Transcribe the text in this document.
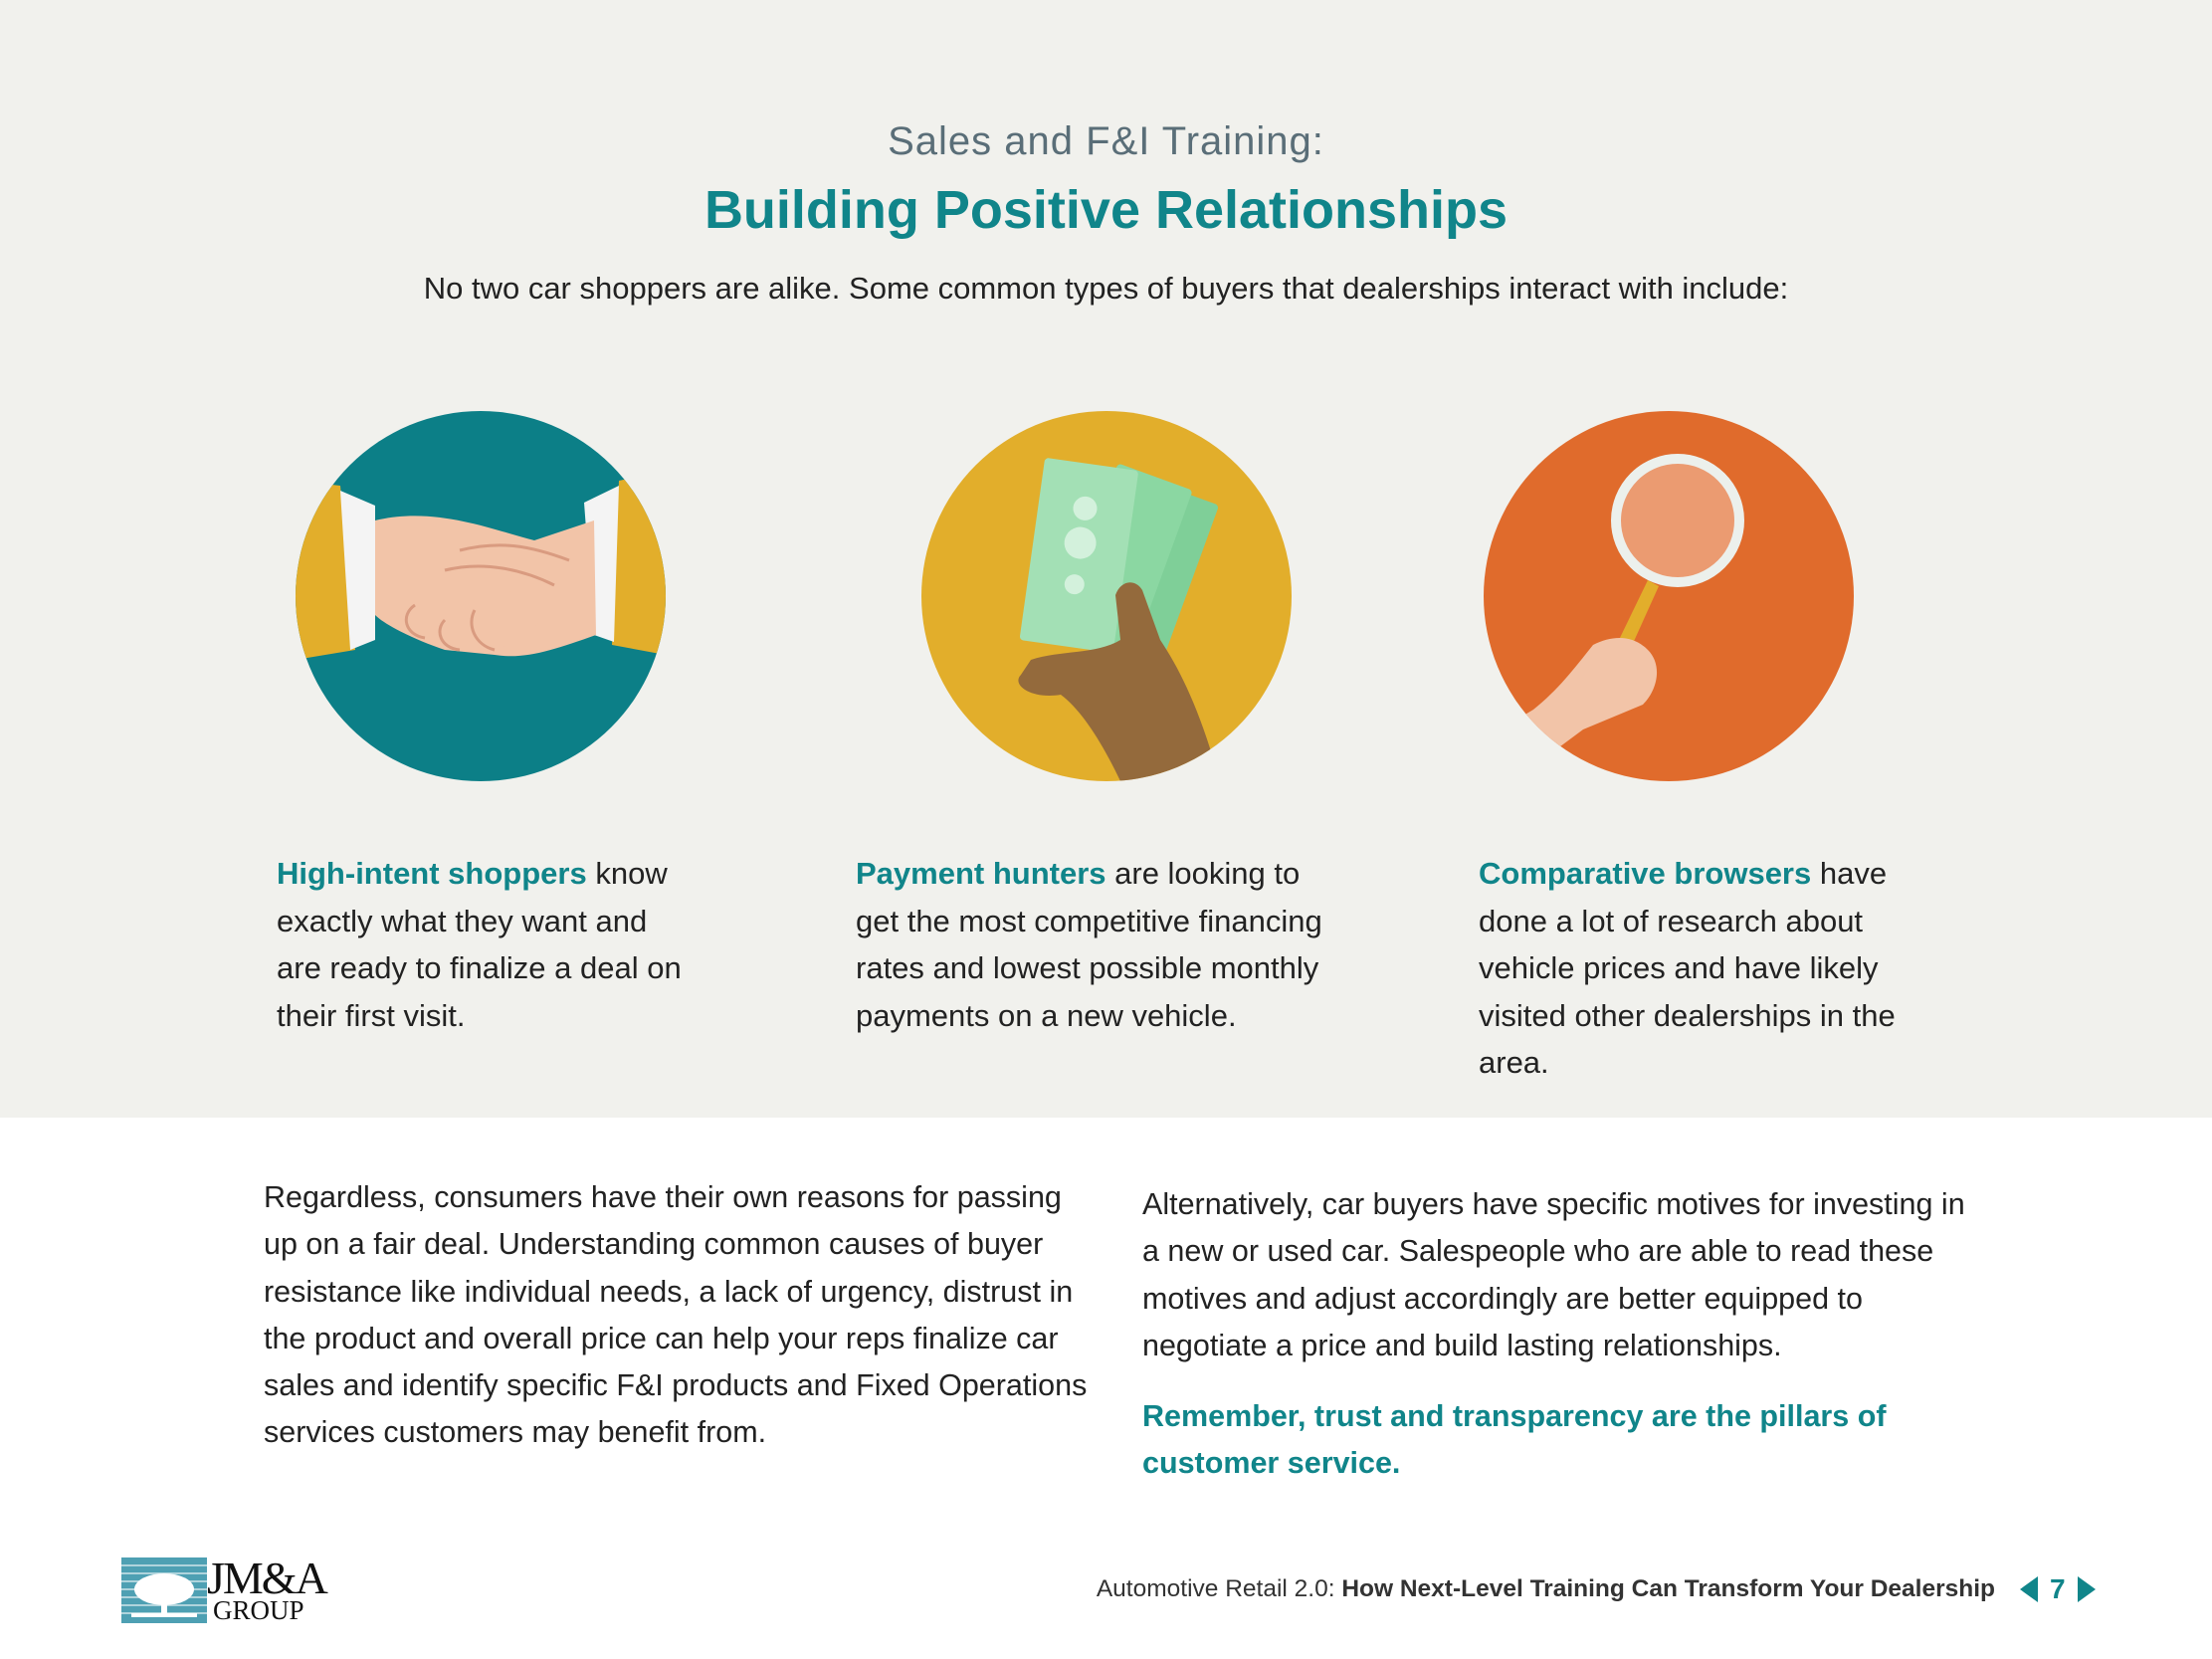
Sales and F&I Training:
Building Positive Relationships
No two car shoppers are alike. Some common types of buyers that dealerships interact with include:
High-intent shoppers know exactly what they want and are ready to finalize a deal on their first visit.
Payment hunters are looking to get the most competitive financing rates and lowest possible monthly payments on a new vehicle.
Comparative browsers have done a lot of research about vehicle prices and have likely visited other dealerships in the area.
Regardless, consumers have their own reasons for passing up on a fair deal. Understanding common causes of buyer resistance like individual needs, a lack of urgency, distrust in the product and overall price can help your reps finalize car sales and identify specific F&I products and Fixed Operations services customers may benefit from.
Alternatively, car buyers have specific motives for investing in a new or used car. Salespeople who are able to read these motives and adjust accordingly are better equipped to negotiate a price and build lasting relationships.
Remember, trust and transparency are the pillars of customer service.
JM&A
GROUP
Automotive Retail 2.0: How Next-Level Training Can Transform Your Dealership 7
